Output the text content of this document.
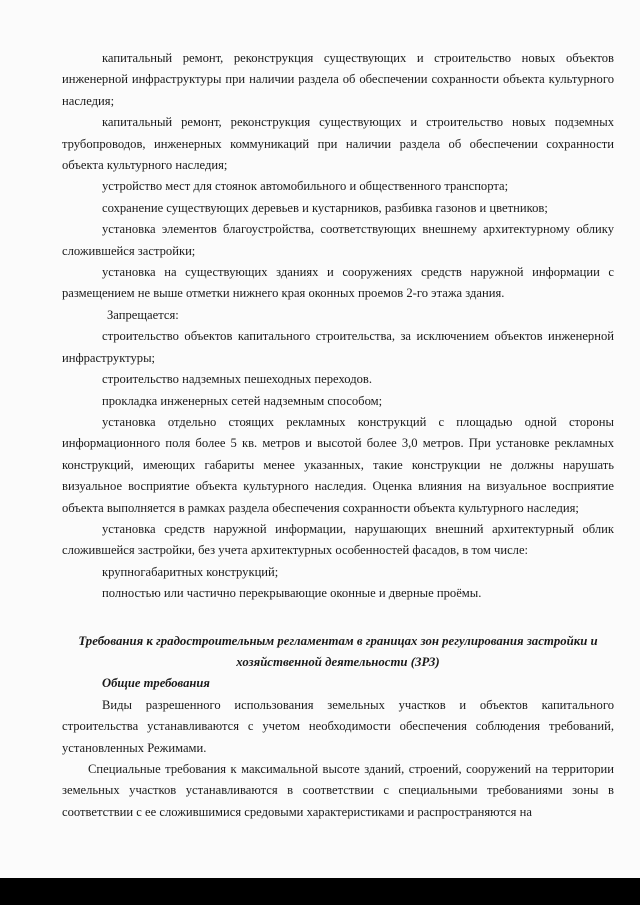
капитальный ремонт, реконструкция существующих и строительство новых объектов инженерной инфраструктуры при наличии раздела об обеспечении сохранности объекта культурного наследия;

капитальный ремонт, реконструкция существующих и строительство новых подземных трубопроводов, инженерных коммуникаций при наличии раздела об обеспечении сохранности объекта культурного наследия;

устройство мест для стоянок автомобильного и общественного транспорта;

сохранение существующих деревьев и кустарников, разбивка газонов и цветников;

установка элементов благоустройства, соответствующих внешнему архитектурному облику сложившейся застройки;

установка на существующих зданиях и сооружениях средств наружной информации с размещением не выше отметки нижнего края оконных проемов 2-го этажа здания.

Запрещается:

строительство объектов капитального строительства, за исключением объектов инженерной инфраструктуры;

строительство надземных пешеходных переходов.

прокладка инженерных сетей надземным способом;

установка отдельно стоящих рекламных конструкций с площадью одной стороны информационного поля более 5 кв. метров и высотой более 3,0 метров. При установке рекламных конструкций, имеющих габариты менее указанных, такие конструкции не должны нарушать визуальное восприятие объекта культурного наследия. Оценка влияния на визуальное восприятие объекта выполняется в рамках раздела обеспечения сохранности объекта культурного наследия;

установка средств наружной информации, нарушающих внешний архитектурный облик сложившейся застройки, без учета архитектурных особенностей фасадов, в том числе:

крупногабаритных конструкций;

полностью или частично перекрывающие оконные и дверные проёмы.

Требования к градостроительным регламентам в границах зон регулирования застройки и хозяйственной деятельности (ЗРЗ)

Общие требования

Виды разрешенного использования земельных участков и объектов капитального строительства устанавливаются с учетом необходимости обеспечения соблюдения требований, установленных Режимами.

Специальные требования к максимальной высоте зданий, строений, сооружений на территории земельных участков устанавливаются в соответствии с специальными требованиями зоны в соответствии с ее сложившимися средовыми характеристиками и распространяются на
